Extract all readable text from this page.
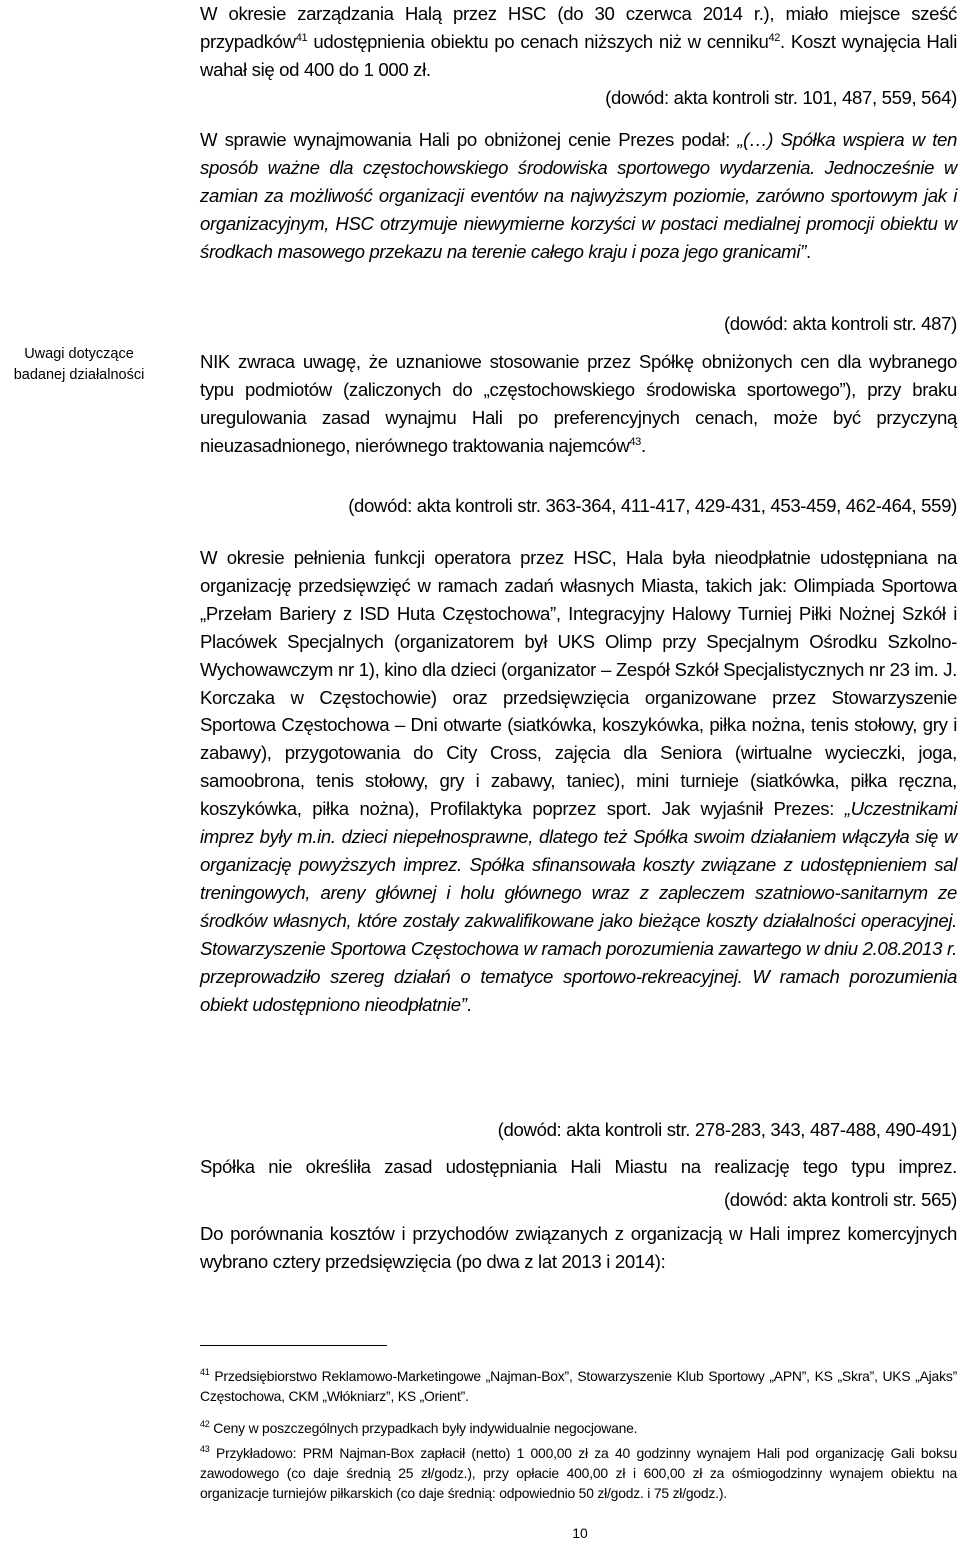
Uwagi dotyczące badanej działalności

W okresie zarządzania Halą przez HSC (do 30 czerwca 2014 r.), miało miejsce sześć przypadków$^{41}$ udostępnienia obiektu po cenach niższych niż w cenniku$^{42}$. Koszt wynajęcia Hali wahał się od 400 do 1 000 zł.

(dowód: akta kontroli str. 101, 487, 559, 564)

W sprawie wynajmowania Hali po obniżonej cenie Prezes podał: „(…) Spółka wspiera w ten sposób ważne dla częstochowskiego środowiska sportowego wydarzenia. Jednocześnie w zamian za możliwość organizacji eventów na najwyższym poziomie, zarówno sportowym jak i organizacyjnym, HSC otrzymuje niewymierne korzyści w postaci medialnej promocji obiektu w środkach masowego przekazu na terenie całego kraju i poza jego granicami”.

(dowód: akta kontroli str. 487)

NIK zwraca uwagę, że uznaniowe stosowanie przez Spółkę obniżonych cen dla wybranego typu podmiotów (zaliczonych do „częstochowskiego środowiska sportowego”), przy braku uregulowania zasad wynajmu Hali po preferencyjnych cenach, może być przyczyną nieuzasadnionego, nierównego traktowania najemców$^{43}$.

(dowód: akta kontroli str. 363-364, 411-417, 429-431, 453-459, 462-464, 559)

W okresie pełnienia funkcji operatora przez HSC, Hala była nieodpłatnie udostępniana na organizację przedsięwzięć w ramach zadań własnych Miasta, takich jak: Olimpiada Sportowa „Przełam Bariery z ISD Huta Częstochowa”, Integracyjny Halowy Turniej Piłki Nożnej Szkół i Placówek Specjalnych (organizatorem był UKS Olimp przy Specjalnym Ośrodku Szkolno-Wychowawczym nr 1), kino dla dzieci (organizator – Zespół Szkół Specjalistycznych nr 23 im. J. Korczaka w Częstochowie) oraz przedsięwzięcia organizowane przez Stowarzyszenie Sportowa Częstochowa – Dni otwarte (siatkówka, koszykówka, piłka nożna, tenis stołowy, gry i zabawy), przygotowania do City Cross, zajęcia dla Seniora (wirtualne wycieczki, joga, samoobrona, tenis stołowy, gry i zabawy, taniec), mini turnieje (siatkówka, piłka ręczna, koszykówka, piłka nożna), Profilaktyka poprzez sport. Jak wyjaśnił Prezes: „Uczestnikami imprez były m.in. dzieci niepełnosprawne, dlatego też Spółka swoim działaniem włączyła się w organizację powyższych imprez. Spółka sfinansowała koszty związane z udostępnieniem sal treningowych, areny głównej i holu głównego wraz z zapleczem szatniowo-sanitarnym ze środków własnych, które zostały zakwalifikowane jako bieżące koszty działalności operacyjnej. Stowarzyszenie Sportowa Częstochowa w ramach porozumienia zawartego w dniu 2.08.2013 r. przeprowadziło szereg działań o tematyce sportowo-rekreacyjnej. W ramach porozumienia obiekt udostępniono nieodpłatnie”.

(dowód: akta kontroli str. 278-283, 343, 487-488, 490-491)

Spółka nie określiła zasad udostępniania Hali Miastu na realizację tego typu imprez.

(dowód: akta kontroli str. 565)

Do porównania kosztów i przychodów związanych z organizacją w Hali imprez komercyjnych wybrano cztery przedsięwzięcia (po dwa z lat 2013 i 2014):

$^{41}$ Przedsiębiorstwo Reklamowo-Marketingowe „Najman-Box”, Stowarzyszenie Klub Sportowy „APN”, KS „Skra”, UKS „Ajaks” Częstochowa, CKM „Włókniarz”, KS „Orient”.

$^{42}$ Ceny w poszczególnych przypadkach były indywidualnie negocjowane.

$^{43}$ Przykładowo: PRM Najman-Box zapłacił (netto) 1 000,00 zł za 40 godzinny wynajem Hali pod organizację Gali boksu zawodowego (co daje średnią 25 zł/godz.), przy opłacie 400,00 zł i 600,00 zł za ośmiogodzinny wynajem obiektu na organizacje turniejów piłkarskich (co daje średnią: odpowiednio 50 zł/godz. i 75 zł/godz.).

10
